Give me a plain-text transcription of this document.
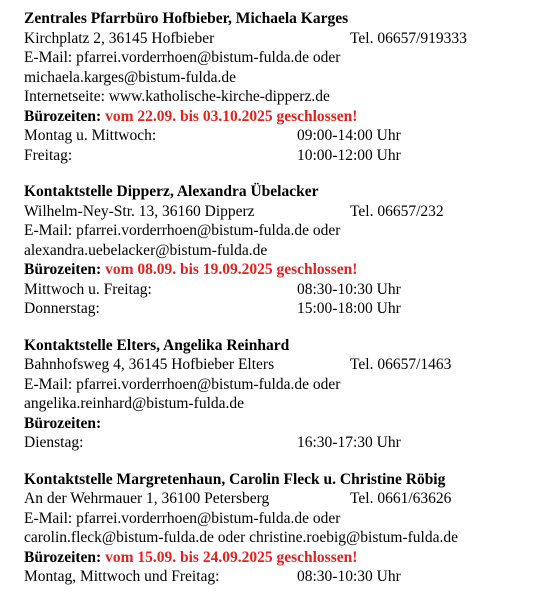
Zentrales Pfarrbüro Hofbieber, Michaela Karges
Kirchplatz 2, 36145 Hofbieber	Tel. 06657/919333
E-Mail: pfarrei.vorderrhoen@bistum-fulda.de oder
michaela.karges@bistum-fulda.de
Internetseite: www.katholische-kirche-dipperz.de
Bürozeiten: vom 22.09. bis 03.10.2025 geschlossen!
Montag u. Mittwoch:	09:00-14:00 Uhr
Freitag:	10:00-12:00 Uhr
Kontaktstelle Dipperz, Alexandra Übelacker
Wilhelm-Ney-Str. 13, 36160 Dipperz	Tel. 06657/232
E-Mail: pfarrei.vorderrhoen@bistum-fulda.de oder
alexandra.uebelacker@bistum-fulda.de
Bürozeiten: vom 08.09. bis 19.09.2025 geschlossen!
Mittwoch u. Freitag:	08:30-10:30 Uhr
Donnerstag:	15:00-18:00 Uhr
Kontaktstelle Elters, Angelika Reinhard
Bahnhofsweg 4, 36145 Hofbieber Elters	Tel. 06657/1463
E-Mail: pfarrei.vorderrhoen@bistum-fulda.de oder
angelika.reinhard@bistum-fulda.de
Bürozeiten:
Dienstag:	16:30-17:30 Uhr
Kontaktstelle Margretenhaun, Carolin Fleck u. Christine Röbig
An der Wehrmauer 1, 36100 Petersberg	Tel. 0661/63626
E-Mail: pfarrei.vorderrhoen@bistum-fulda.de oder
carolin.fleck@bistum-fulda.de oder christine.roebig@bistum-fulda.de
Bürozeiten: vom 15.09. bis 24.09.2025 geschlossen!
Montag, Mittwoch und Freitag:	08:30-10:30 Uhr
